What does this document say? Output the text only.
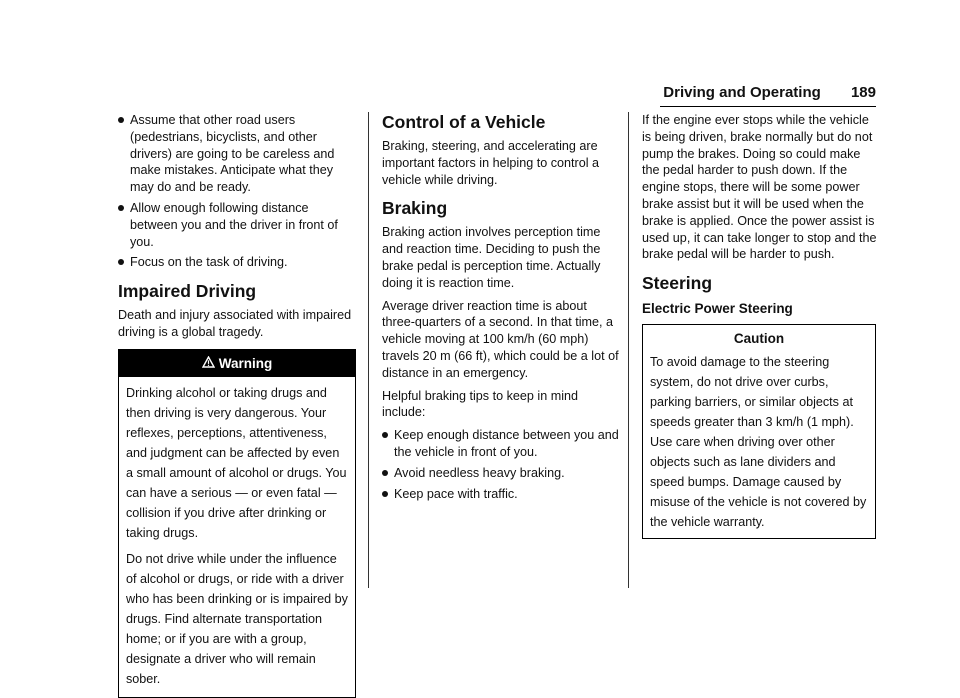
Driving and Operating 189
Assume that other road users (pedestrians, bicyclists, and other drivers) are going to be careless and make mistakes. Anticipate what they may do and be ready.
Allow enough following distance between you and the driver in front of you.
Focus on the task of driving.
Impaired Driving

Death and injury associated with impaired driving is a global tragedy.

Warning

Drinking alcohol or taking drugs and then driving is very dangerous. Your reflexes, perceptions, attentiveness, and judgment can be affected by even a small amount of alcohol or drugs. You can have a serious — or even fatal — collision if you drive after drinking or taking drugs.

Do not drive while under the influence of alcohol or drugs, or ride with a driver who has been drinking or is impaired by drugs. Find alternate transportation home; or if you are with a group, designate a driver who will remain sober.

Control of a Vehicle

Braking, steering, and accelerating are important factors in helping to control a vehicle while driving.

Braking

Braking action involves perception time and reaction time. Deciding to push the brake pedal is perception time. Actually doing it is reaction time.

Average driver reaction time is about three-quarters of a second. In that time, a vehicle moving at 100 km/h (60 mph) travels 20 m (66 ft), which could be a lot of distance in an emergency.

Helpful braking tips to keep in mind include:

Keep enough distance between you and the vehicle in front of you.
Avoid needless heavy braking.
Keep pace with traffic.

If the engine ever stops while the vehicle is being driven, brake normally but do not pump the brakes. Doing so could make the pedal harder to push down. If the engine stops, there will be some power brake assist but it will be used when the brake is applied. Once the power assist is used up, it can take longer to stop and the brake pedal will be harder to push.

Steering
Electric Power Steering
Caution

To avoid damage to the steering system, do not drive over curbs, parking barriers, or similar objects at speeds greater than 3 km/h (1 mph). Use care when driving over other objects such as lane dividers and speed bumps. Damage caused by misuse of the vehicle is not covered by the vehicle warranty.
